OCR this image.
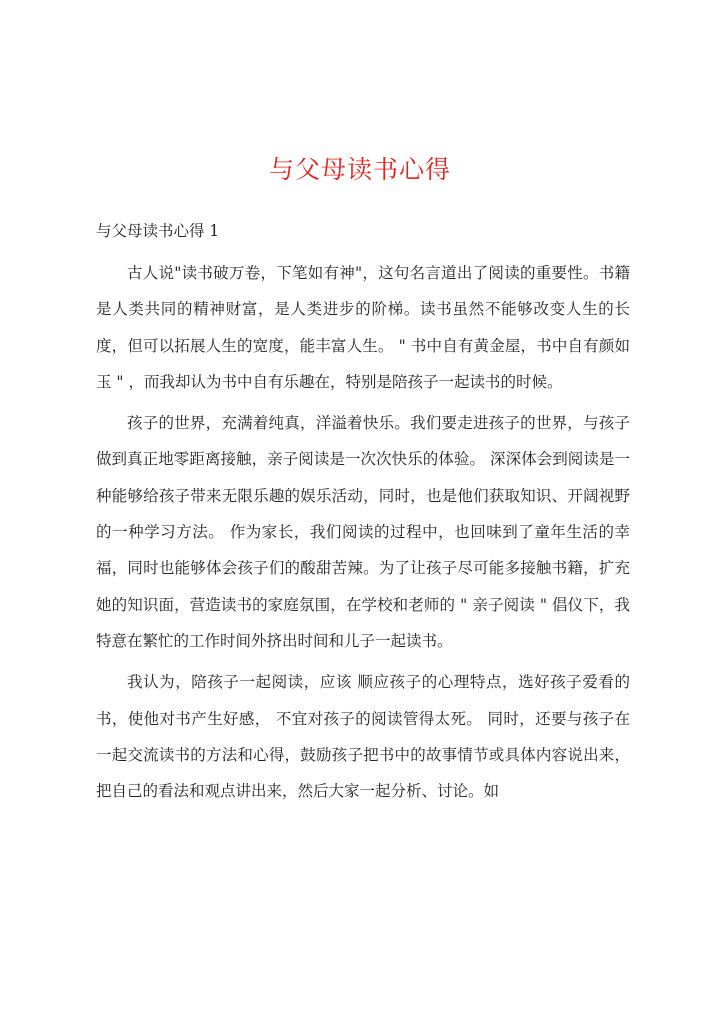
与父母读书心得
与父母读书心得 1

古人说"读书破万卷，下笔如有神"，这句名言道出了阅读的重要性。书籍是人类共同的精神财富，是人类进步的阶梯。读书虽然不能够改变人生的长度，但可以拓展人生的宽度，能丰富人生。 " 书中自有黄金屋，书中自有颜如玉 " ，而我却认为书中自有乐趣在，特别是陪孩子一起读书的时候。

孩子的世界，充满着纯真，洋溢着快乐。我们要走进孩子的世界，与孩子做到真正地零距离接触，亲子阅读是一次次快乐的体验。 深深体会到阅读是一种能够给孩子带来无限乐趣的娱乐活动，同时，也是他们获取知识、开阔视野的一种学习方法。 作为家长，我们阅读的过程中，也回味到了童年生活的幸福，同时也能够体会孩子们的酸甜苦辣。为了让孩子尽可能多接触书籍，扩充她的知识面，营造读书的家庭氛围，在学校和老师的 " 亲子阅读 " 倡仪下，我特意在繁忙的工作时间外挤出时间和儿子一起读书。

我认为，陪孩子一起阅读，应该 顺应孩子的心理特点，选好孩子爱看的书，使他对书产生好感， 不宜对孩子的阅读管得太死。 同时，还要与孩子在一起交流读书的方法和心得，鼓励孩子把书中的故事情节或具体内容说出来，把自己的看法和观点讲出来，然后大家一起分析、讨论。如
